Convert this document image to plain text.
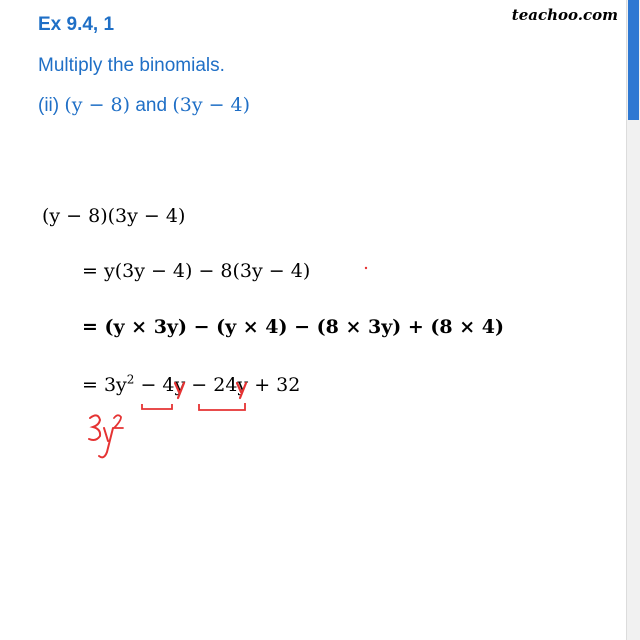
Ex 9.4, 1	teachoo.com
Multiply the binomials.
(ii) (y − 8) and (3y − 4)
(y − 8)(3y − 4)
= y(3y − 4) − 8(3y − 4)
= (y × 3y) − (y × 4) − (8 × 3y) + (8 × 4)
= $3y^2 - 4y - 24y + 32$
